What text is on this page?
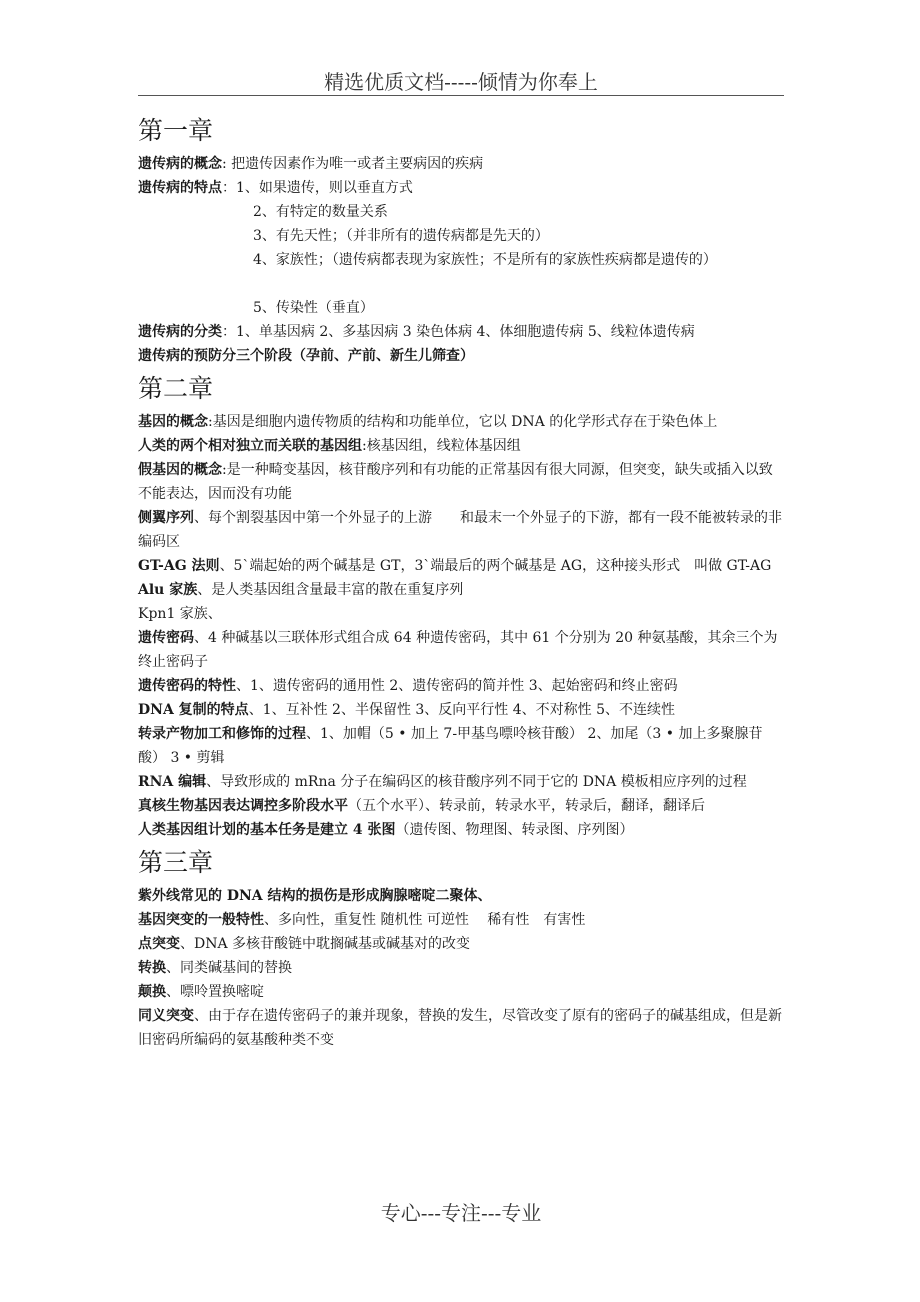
精选优质文档-----倾情为你奉上
第一章
遗传病的概念: 把遗传因素作为唯一或者主要病因的疾病
遗传病的特点：1、如果遗传，则以垂直方式
2、有特定的数量关系
3、有先天性；（并非所有的遗传病都是先天的）
4、家族性；（遗传病都表现为家族性；不是所有的家族性疾病都是遗传的）
5、传染性（垂直）
遗传病的分类：1、单基因病 2、多基因病 3 染色体病 4、体细胞遗传病 5、线粒体遗传病
遗传病的预防分三个阶段（孕前、产前、新生儿筛查）
第二章
基因的概念:基因是细胞内遗传物质的结构和功能单位，它以 DNA 的化学形式存在于染色体上
人类的两个相对独立而关联的基因组:核基因组，线粒体基因组
假基因的概念:是一种畸变基因，核苷酸序列和有功能的正常基因有很大同源，但突变，缺失或插入以致不能表达，因而没有功能
侧翼序列、每个割裂基因中第一个外显子的上游　　和最末一个外显子的下游，都有一段不能被转录的非编码区
GT-AG 法则、5`端起始的两个碱基是 GT，3`端最后的两个碱基是 AG，这种接头形式　叫做 GT-AG
Alu 家族、是人类基因组含量最丰富的散在重复序列
Kpn1 家族、
遗传密码、4 种碱基以三联体形式组合成 64 种遗传密码，其中 61 个分别为 20 种氨基酸，其余三个为终止密码子
遗传密码的特性、1、遗传密码的通用性 2、遗传密码的简并性 3、起始密码和终止密码
DNA 复制的特点、1、互补性 2、半保留性 3、反向平行性 4、不对称性 5、不连续性
转录产物加工和修饰的过程、1、加帽（5 • 加上 7-甲基鸟嘌呤核苷酸） 2、加尾（3 • 加上多聚腺苷酸） 3 • 剪辑
RNA 编辑、导致形成的 mRna 分子在编码区的核苷酸序列不同于它的 DNA 模板相应序列的过程
真核生物基因表达调控多阶段水平（五个水平）、转录前，转录水平，转录后，翻译，翻译后
人类基因组计划的基本任务是建立 4 张图（遗传图、物理图、转录图、序列图）
第三章
紫外线常见的 DNA 结构的损伤是形成胸腺嘧啶二聚体、
基因突变的一般特性、多向性，重复性 随机性 可逆性　 稀有性　有害性
点突变、DNA 多核苷酸链中耽搁碱基或碱基对的改变
转换、同类碱基间的替换
颠换、嘌呤置换嘧啶
同义突变、由于存在遗传密码子的兼并现象，替换的发生，尽管改变了原有的密码子的碱基组成，但是新　旧密码所编码的氨基酸种类不变
专心---专注---专业
